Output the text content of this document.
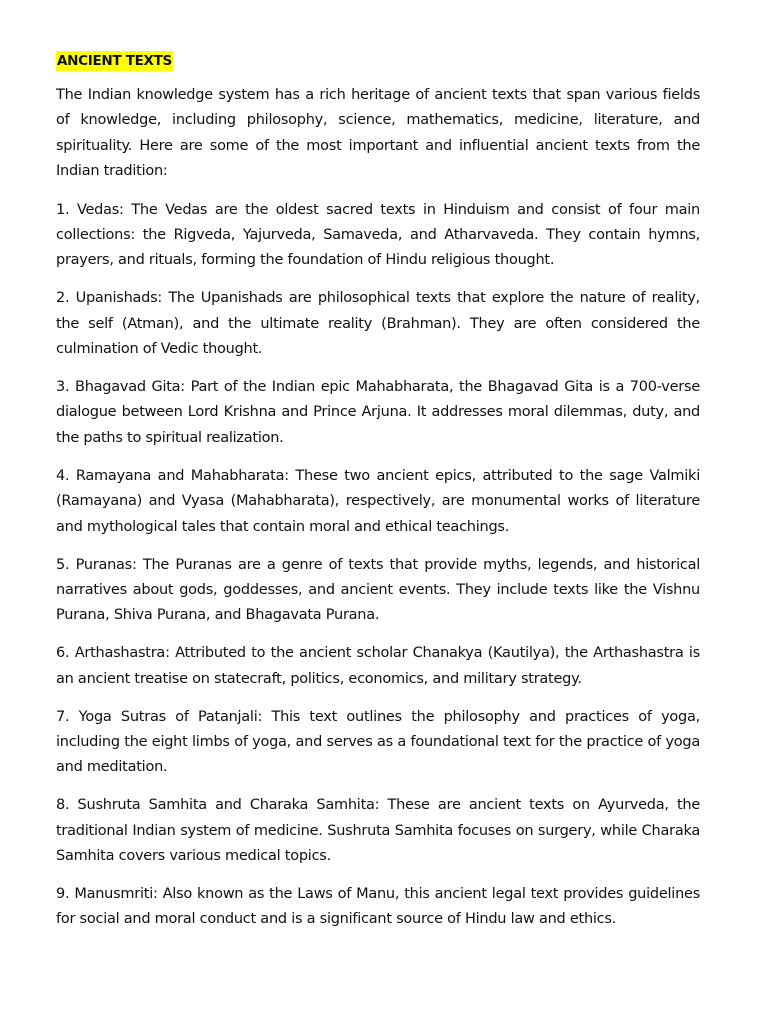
ANCIENT TEXTS

The Indian knowledge system has a rich heritage of ancient texts that span various fields of knowledge, including philosophy, science, mathematics, medicine, literature, and spirituality. Here are some of the most important and influential ancient texts from the Indian tradition:

1. Vedas: The Vedas are the oldest sacred texts in Hinduism and consist of four main collections: the Rigveda, Yajurveda, Samaveda, and Atharvaveda. They contain hymns, prayers, and rituals, forming the foundation of Hindu religious thought.

2. Upanishads: The Upanishads are philosophical texts that explore the nature of reality, the self (Atman), and the ultimate reality (Brahman). They are often considered the culmination of Vedic thought.

3. Bhagavad Gita: Part of the Indian epic Mahabharata, the Bhagavad Gita is a 700-verse dialogue between Lord Krishna and Prince Arjuna. It addresses moral dilemmas, duty, and the paths to spiritual realization.

4. Ramayana and Mahabharata: These two ancient epics, attributed to the sage Valmiki (Ramayana) and Vyasa (Mahabharata), respectively, are monumental works of literature and mythological tales that contain moral and ethical teachings.

5. Puranas: The Puranas are a genre of texts that provide myths, legends, and historical narratives about gods, goddesses, and ancient events. They include texts like the Vishnu Purana, Shiva Purana, and Bhagavata Purana.

6. Arthashastra: Attributed to the ancient scholar Chanakya (Kautilya), the Arthashastra is an ancient treatise on statecraft, politics, economics, and military strategy.

7. Yoga Sutras of Patanjali: This text outlines the philosophy and practices of yoga, including the eight limbs of yoga, and serves as a foundational text for the practice of yoga and meditation.

8. Sushruta Samhita and Charaka Samhita: These are ancient texts on Ayurveda, the traditional Indian system of medicine. Sushruta Samhita focuses on surgery, while Charaka Samhita covers various medical topics.

9. Manusmriti: Also known as the Laws of Manu, this ancient legal text provides guidelines for social and moral conduct and is a significant source of Hindu law and ethics.
